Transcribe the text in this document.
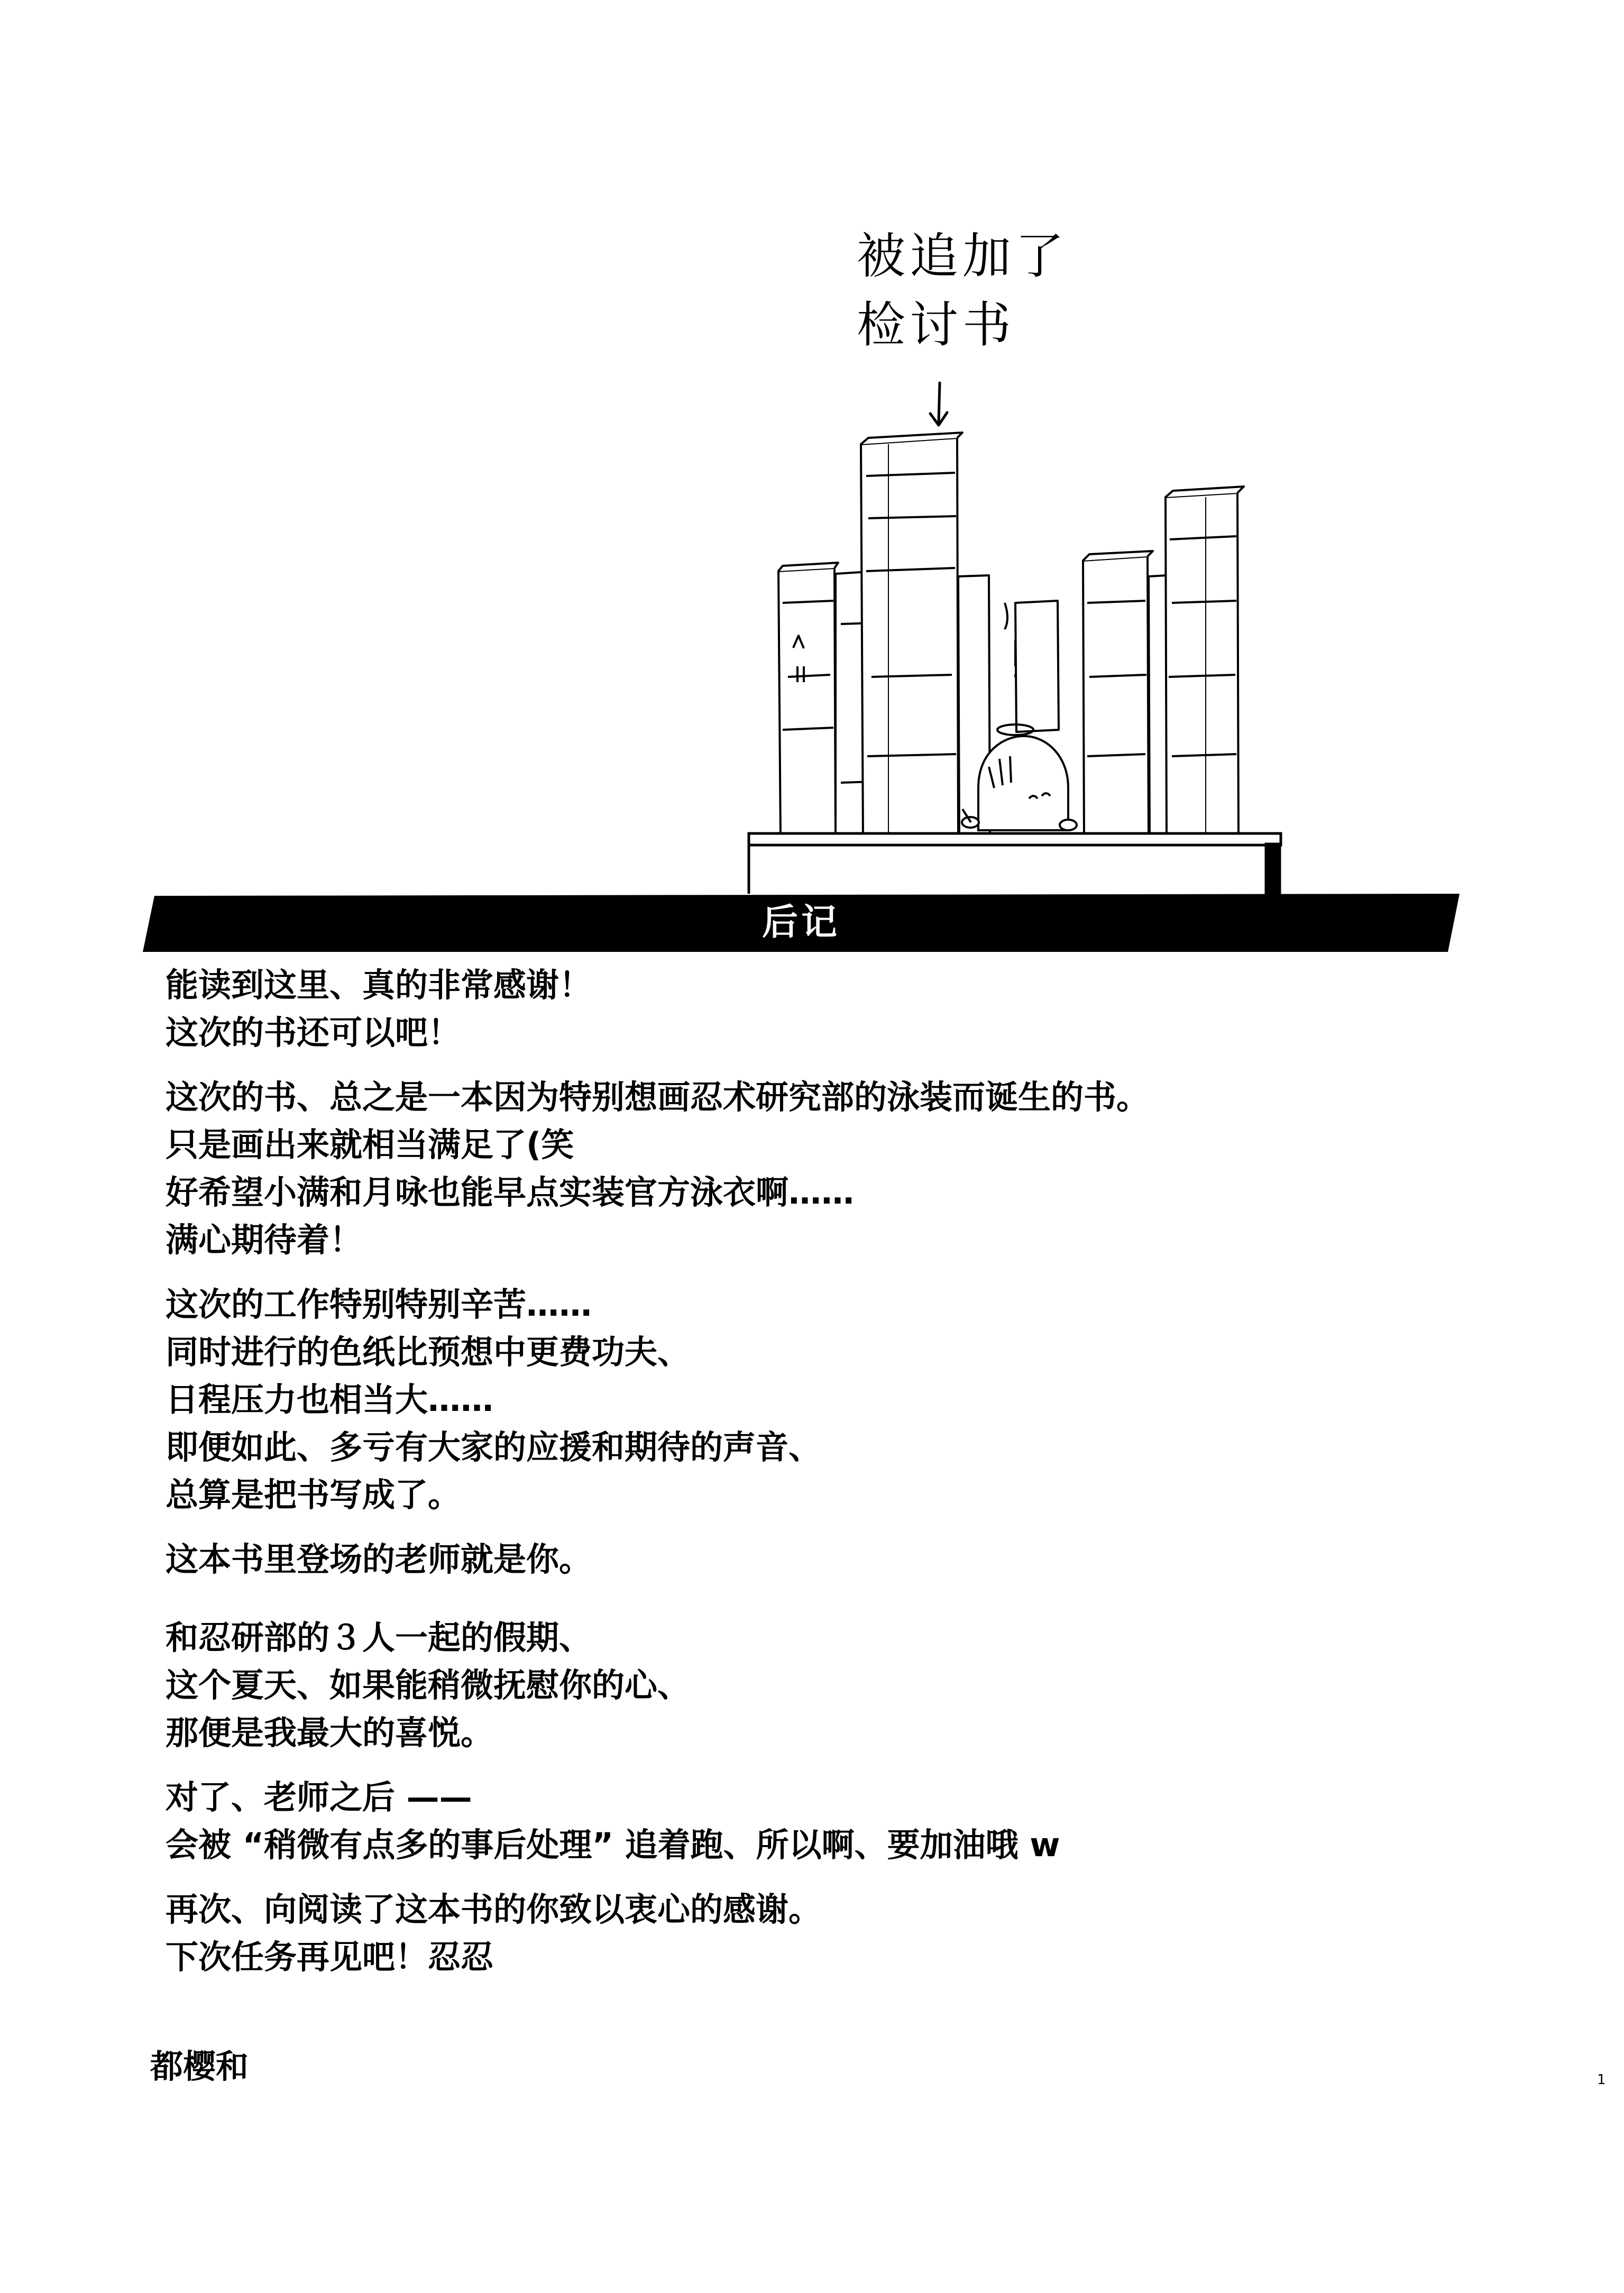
被追加了
检讨书
后记
能读到这里、真的非常感谢！
这次的书还可以吧！
这次的书、总之是一本因为特别想画忍术研究部的泳装而诞生的书。
只是画出来就相当满足了(笑
好希望小满和月咏也能早点实装官方泳衣啊……
满心期待着！
这次的工作特别特别辛苦……
同时进行的色纸比预想中更费功夫、
日程压力也相当大……
即便如此、多亏有大家的应援和期待的声音、
总算是把书写成了。
这本书里登场的老师就是你。
和忍研部的３人一起的假期、
这个夏天、如果能稍微抚慰你的心、
那便是我最大的喜悦。
对了、老师之后 ——
会被 “稍微有点多的事后处理” 追着跑、所以啊、要加油哦 w
再次、向阅读了这本书的你致以衷心的感谢。
下次任务再见吧！忍忍
都樱和	1
